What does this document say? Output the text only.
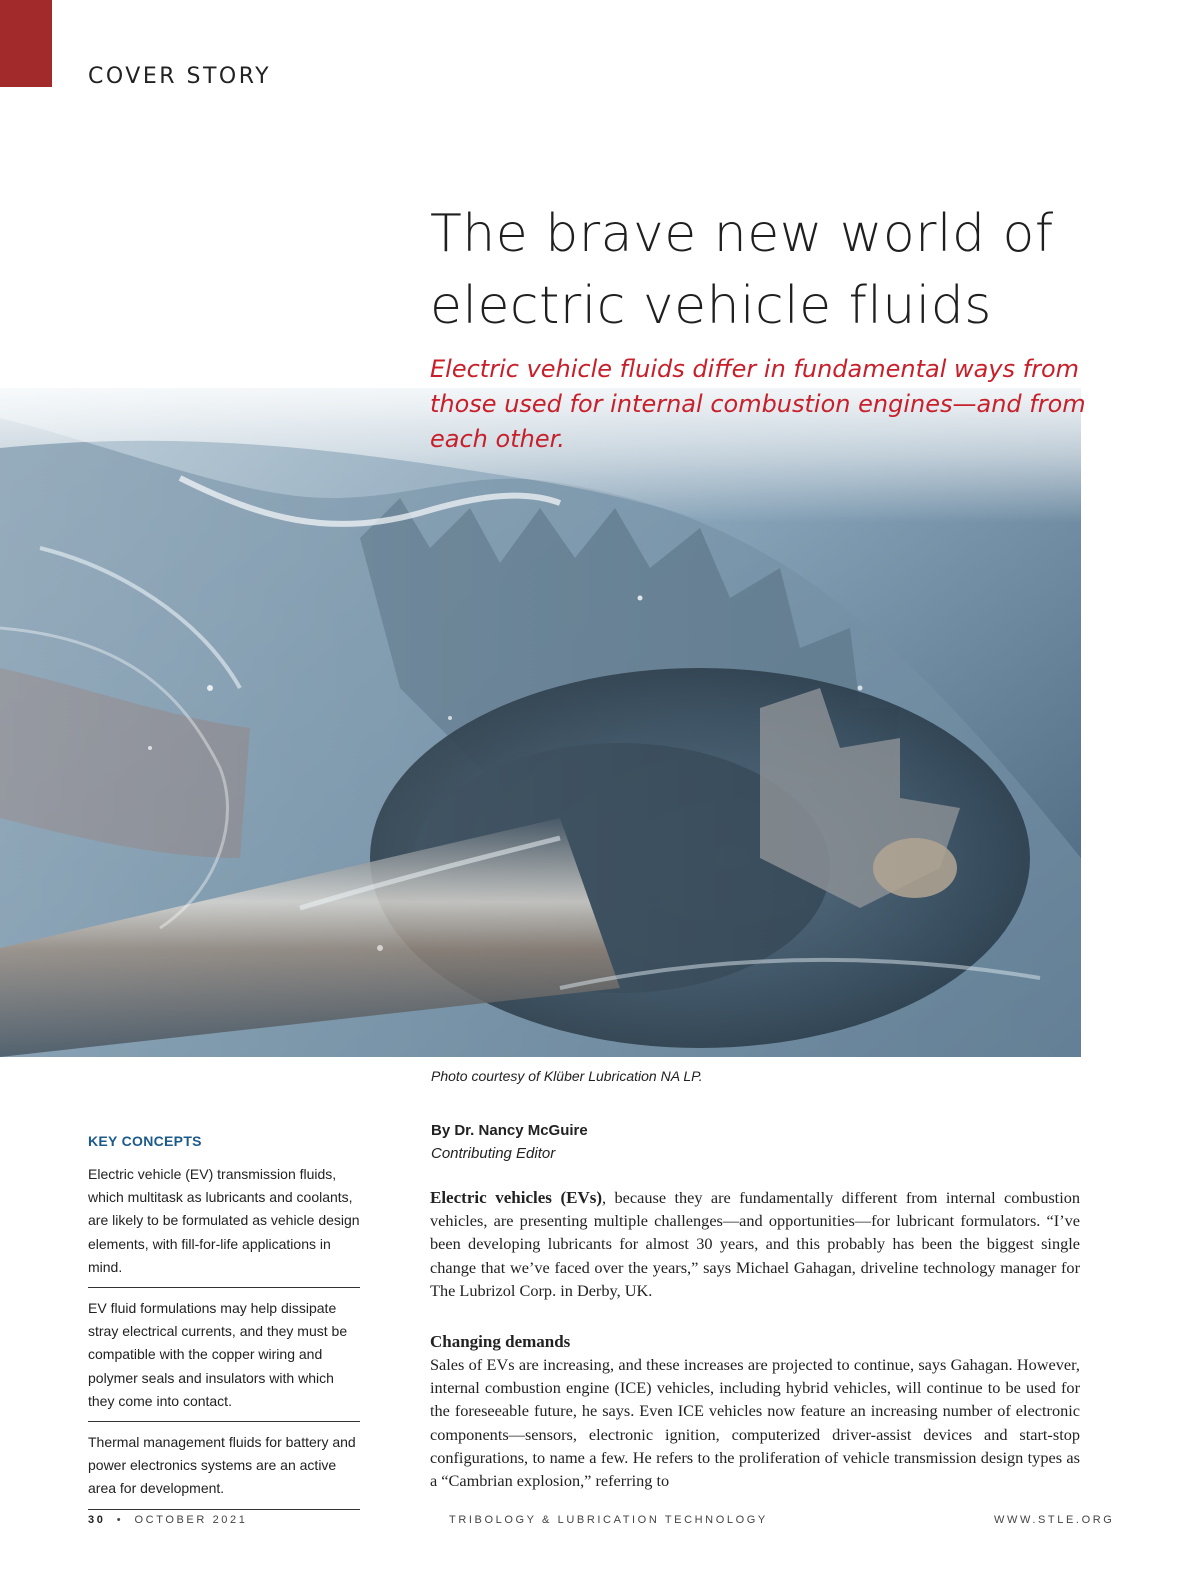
COVER STORY
The brave new world of
electric vehicle fluids
Electric vehicle fluids differ in fundamental ways from those used for internal combustion engines—and from each other.
Photo courtesy of Klüber Lubrication NA LP.
KEY CONCEPTS
Electric vehicle (EV) transmission fluids, which multitask as lubricants and coolants, are likely to be formulated as vehicle design elements, with fill-for-life applications in mind.
EV fluid formulations may help dissipate stray electrical currents, and they must be compatible with the copper wiring and polymer seals and insulators with which they come into contact.
Thermal management fluids for battery and power electronics systems are an active area for development.
By Dr. Nancy McGuire
Contributing Editor

Electric vehicles (EVs), because they are fundamentally different from internal combustion vehicles, are presenting multiple challenges—and opportunities—for lubricant formulators. “I’ve been developing lubricants for almost 30 years, and this probably has been the biggest single change that we’ve faced over the years,” says Michael Gahagan, driveline technology manager for The Lubrizol Corp. in Derby, UK.

Changing demands

Sales of EVs are increasing, and these increases are projected to continue, says Gahagan. However, internal combustion engine (ICE) vehicles, including hybrid vehicles, will continue to be used for the foreseeable future, he says. Even ICE vehicles now feature an increasing number of electronic components—sensors, electronic ignition, computerized driver-assist devices and start-stop configurations, to name a few. He refers to the proliferation of vehicle transmission design types as a “Cambrian explosion,” referring to

30 • OCTOBER 2021	TRIBOLOGY & LUBRICATION TECHNOLOGY	WWW.STLE.ORG
